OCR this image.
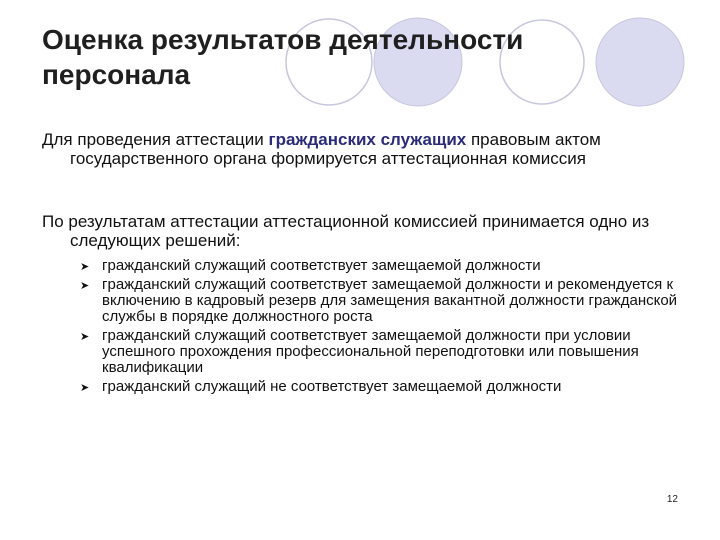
Оценка результатов деятельности
персонала

Для проведения аттестации гражданских служащих правовым актом государственного органа формируется аттестационная комиссия

По результатам аттестации аттестационной комиссией принимается одно из следующих решений:

➤ гражданский служащий соответствует замещаемой должности
➤ гражданский служащий соответствует замещаемой должности и рекомендуется к включению в кадровый резерв для замещения вакантной должности гражданской службы в порядке должностного роста
➤ гражданский служащий соответствует замещаемой должности при условии успешного прохождения профессиональной переподготовки или повышения квалификации
➤ гражданский служащий не соответствует замещаемой должности
12
